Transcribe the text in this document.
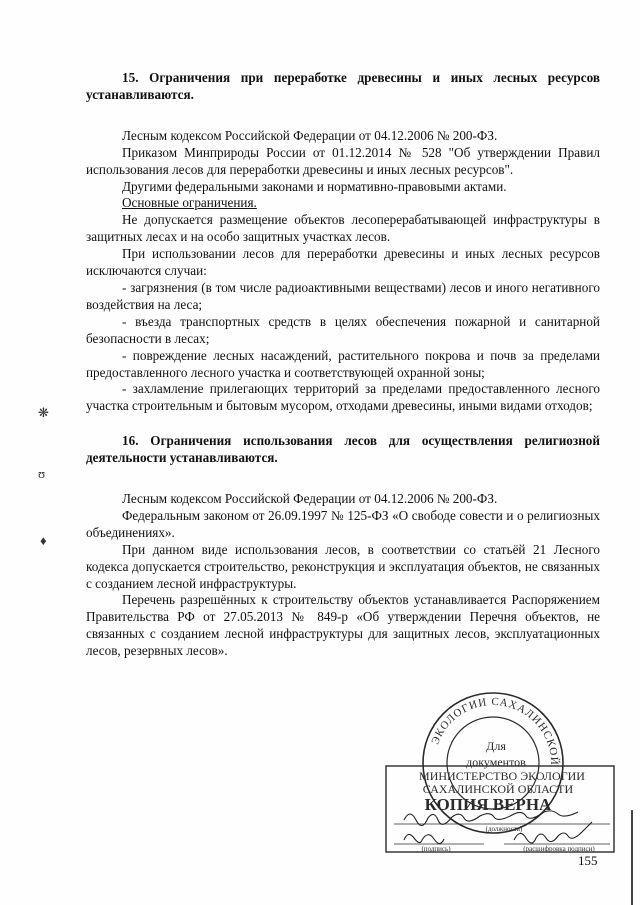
15. Ограничения при переработке древесины и иных лесных ресурсов устанавливаются.

Лесным кодексом Российской Федерации от 04.12.2006 № 200-ФЗ.

Приказом Минприроды России от 01.12.2014 № 528 "Об утверждении Правил использования лесов для переработки древесины и иных лесных ресурсов".

Другими федеральными законами и нормативно-правовыми актами.

Основные ограничения.

Не допускается размещение объектов лесоперерабатывающей инфраструктуры в защитных лесах и на особо защитных участках лесов.

При использовании лесов для переработки древесины и иных лесных ресурсов исключаются случаи:

- загрязнения (в том числе радиоактивными веществами) лесов и иного негативного воздействия на леса;

- въезда транспортных средств в целях обеспечения пожарной и санитарной безопасности в лесах;

- повреждение лесных насаждений, растительного покрова и почв за пределами предоставленного лесного участка и соответствующей охранной зоны;

- захламление прилегающих территорий за пределами предоставленного лесного участка строительным и бытовым мусором, отходами древесины, иными видами отходов;

16. Ограничения использования лесов для осуществления религиозной деятельности устанавливаются.

Лесным кодексом Российской Федерации от 04.12.2006 № 200-ФЗ.

Федеральным законом от 26.09.1997 № 125-ФЗ «О свободе совести и о религиозных объединениях».

При данном виде использования лесов, в соответствии со статьёй 21 Лесного кодекса допускается строительство, реконструкция и эксплуатация объектов, не связанных с созданием лесной инфраструктуры.

Перечень разрешённых к строительству объектов устанавливается Распоряжением Правительства РФ от 27.05.2013 № 849-р «Об утверждении Перечня объектов, не связанных с созданием лесной инфраструктуры для защитных лесов, эксплуатационных лесов, резервных лесов».

❋
ʊ
♦
ЭКОЛОГИИ САХАЛИНСКОЙ
Для
документов
МИНИСТЕРСТВО ЭКОЛОГИИ
САХАЛИНСКОЙ ОБЛАСТИ
КОПИЯ ВЕРНА
(должность)
(подпись)	(расшифровка подписи)
155
